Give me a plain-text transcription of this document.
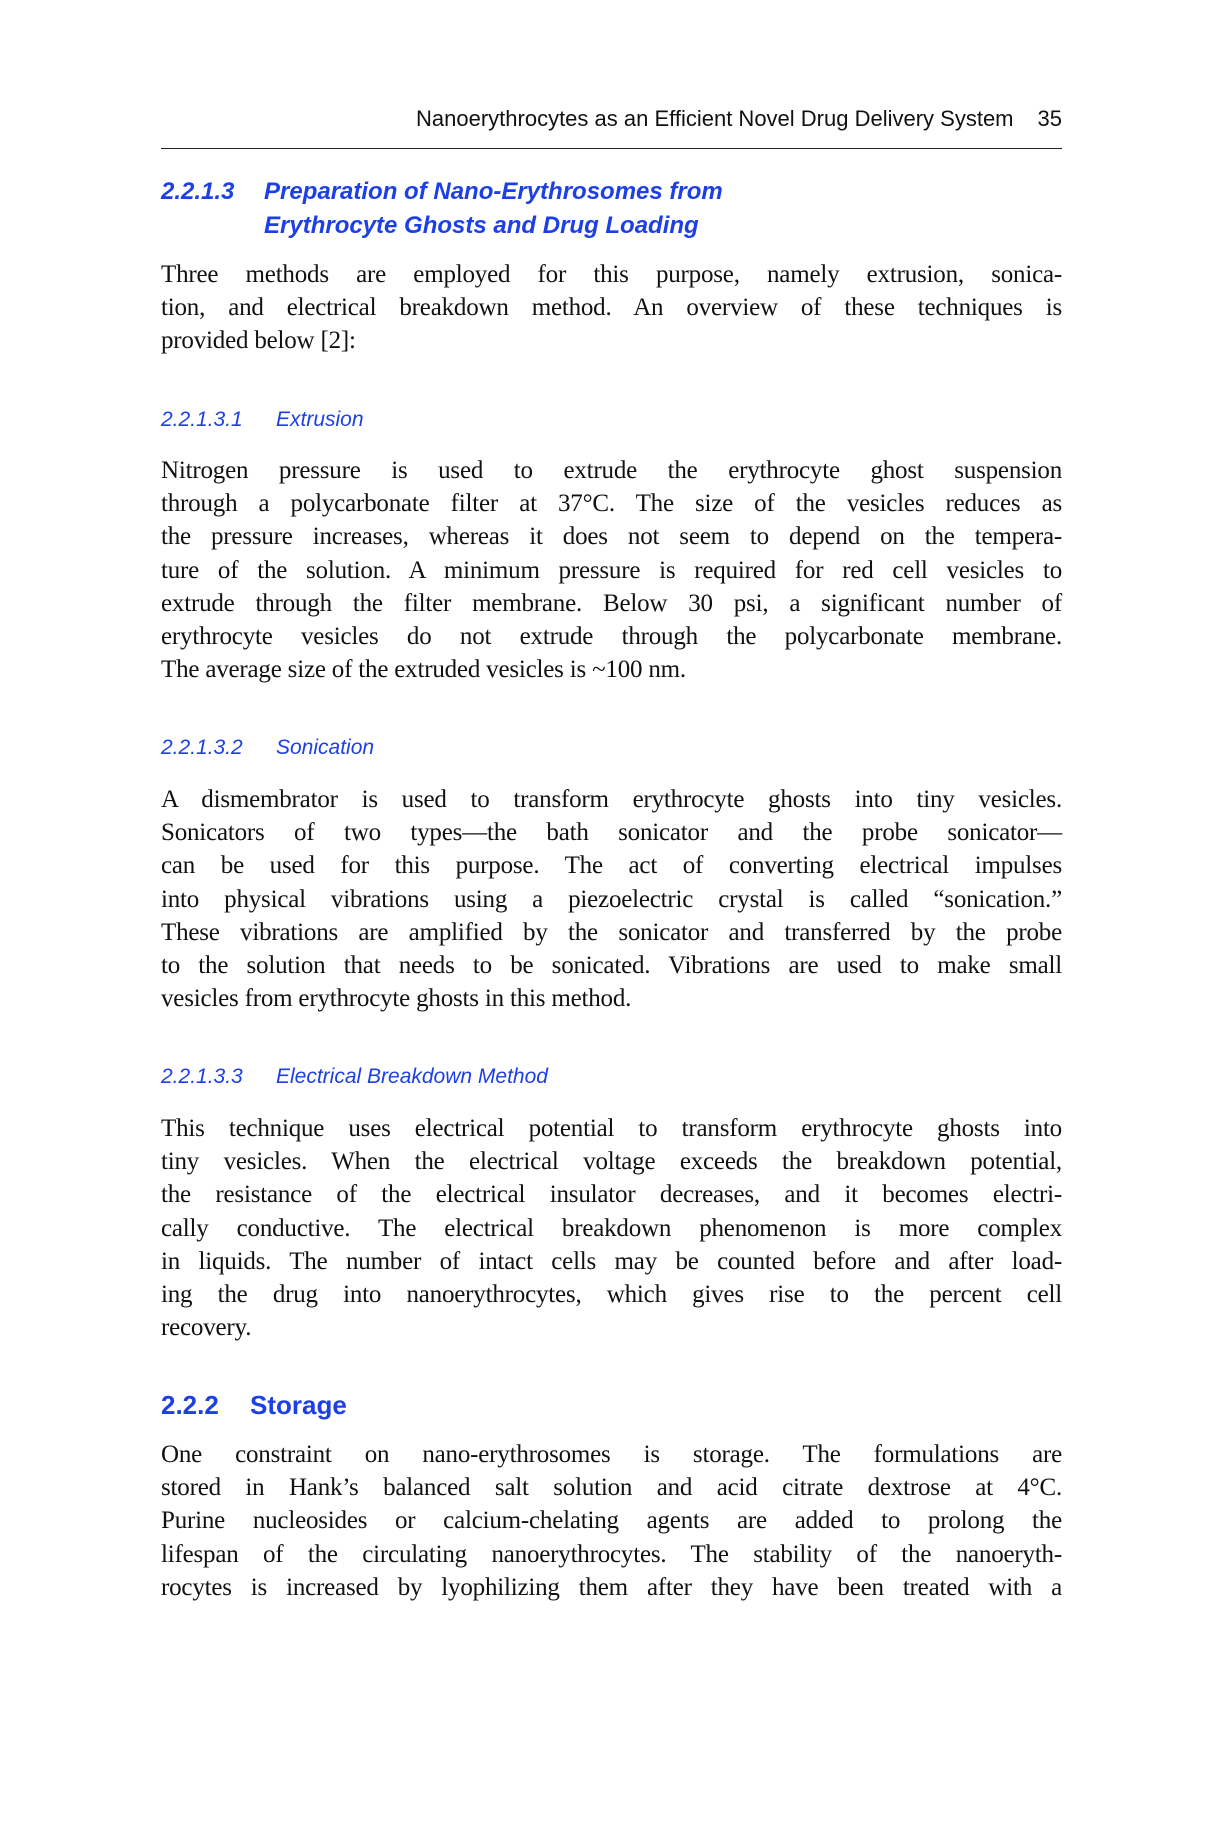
Nanoerythrocytes as an Efficient Novel Drug Delivery System 35
2.2.1.3 Preparation of Nano-Erythrosomes from
Erythrocyte Ghosts and Drug Loading
Three methods are employed for this purpose, namely extrusion, sonica-
tion, and electrical breakdown method. An overview of these techniques is
provided below [2]:
2.2.1.3.1 Extrusion
Nitrogen pressure is used to extrude the erythrocyte ghost suspension
through a polycarbonate filter at 37°C. The size of the vesicles reduces as
the pressure increases, whereas it does not seem to depend on the tempera-
ture of the solution. A minimum pressure is required for red cell vesicles to
extrude through the filter membrane. Below 30 psi, a significant number of
erythrocyte vesicles do not extrude through the polycarbonate membrane.
The average size of the extruded vesicles is ~100 nm.
2.2.1.3.2 Sonication
A dismembrator is used to transform erythrocyte ghosts into tiny vesicles.
Sonicators of two types—the bath sonicator and the probe sonicator—
can be used for this purpose. The act of converting electrical impulses
into physical vibrations using a piezoelectric crystal is called “sonication.”
These vibrations are amplified by the sonicator and transferred by the probe
to the solution that needs to be sonicated. Vibrations are used to make small
vesicles from erythrocyte ghosts in this method.
2.2.1.3.3 Electrical Breakdown Method
This technique uses electrical potential to transform erythrocyte ghosts into
tiny vesicles. When the electrical voltage exceeds the breakdown potential,
the resistance of the electrical insulator decreases, and it becomes electri-
cally conductive. The electrical breakdown phenomenon is more complex
in liquids. The number of intact cells may be counted before and after load-
ing the drug into nanoerythrocytes, which gives rise to the percent cell
recovery.
2.2.2 Storage
One constraint on nano-erythrosomes is storage. The formulations are
stored in Hank’s balanced salt solution and acid citrate dextrose at 4°C.
Purine nucleosides or calcium-chelating agents are added to prolong the
lifespan of the circulating nanoerythrocytes. The stability of the nanoeryth-
rocytes is increased by lyophilizing them after they have been treated with a
